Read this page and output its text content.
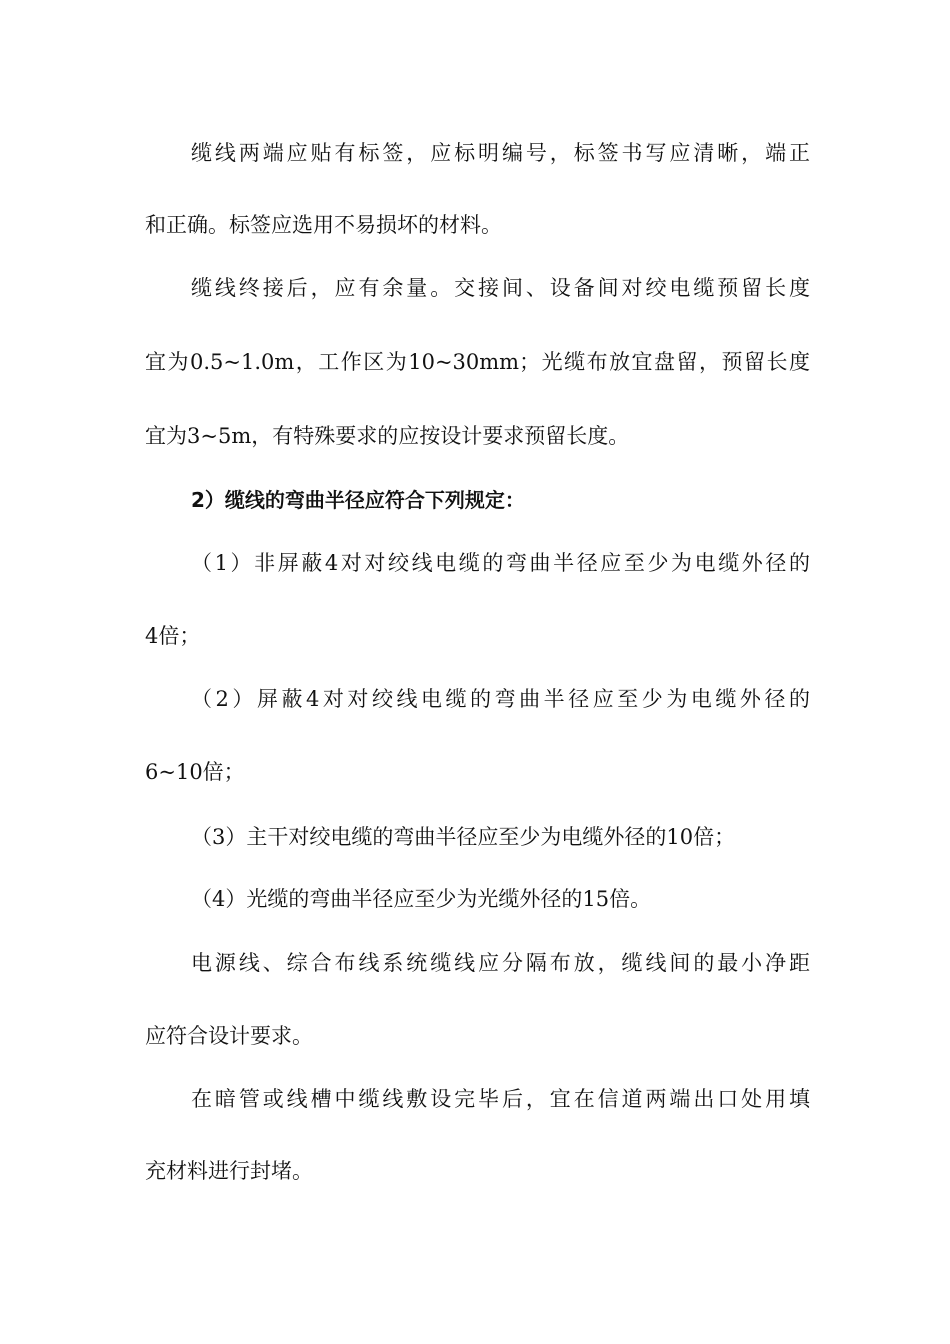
缆线两端应贴有标签，应标明编号，标签书写应清晰，端正
和正确。标签应选用不易损坏的材料。
缆线终接后，应有余量。交接间、设备间对绞电缆预留长度
宜为0.5~1.0m，工作区为10~30mm；光缆布放宜盘留，预留长度
宜为3~5m，有特殊要求的应按设计要求预留长度。
2）缆线的弯曲半径应符合下列规定：
（1）非屏蔽4对对绞线电缆的弯曲半径应至少为电缆外径的
4倍；
（2）屏蔽4对对绞线电缆的弯曲半径应至少为电缆外径的
6~10倍；
（3）主干对绞电缆的弯曲半径应至少为电缆外径的10倍；
（4）光缆的弯曲半径应至少为光缆外径的15倍。
电源线、综合布线系统缆线应分隔布放，缆线间的最小净距
应符合设计要求。
在暗管或线槽中缆线敷设完毕后，宜在信道两端出口处用填
充材料进行封堵。
